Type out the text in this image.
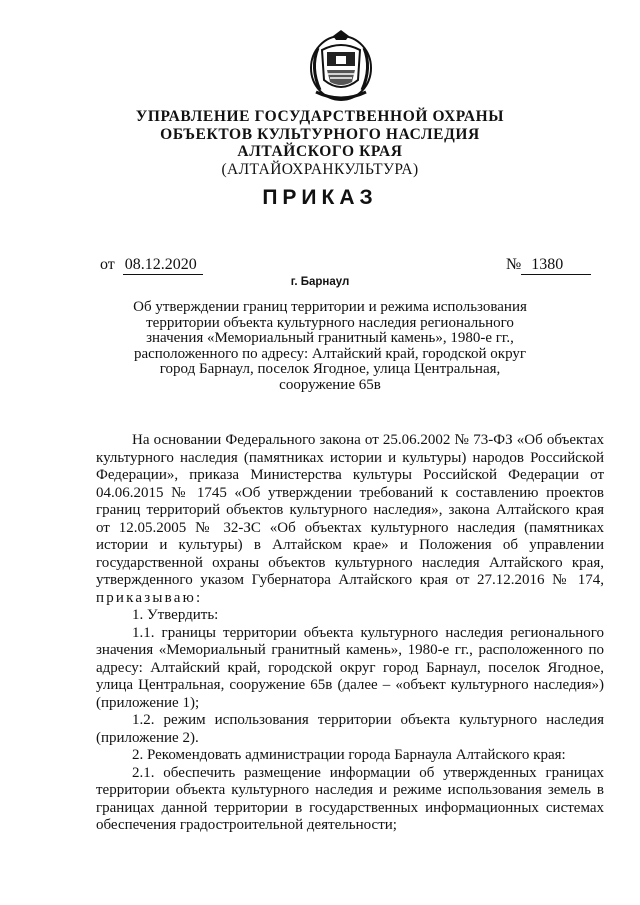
УПРАВЛЕНИЕ ГОСУДАРСТВЕННОЙ ОХРАНЫ
ОБЪЕКТОВ КУЛЬТУРНОГО НАСЛЕДИЯ
АЛТАЙСКОГО КРАЯ
(АЛТАЙОХРАНКУЛЬТУРА)
ПРИКАЗ
от 08.12.2020	№ 1380
г. Барнаул
Об утверждении границ территории и режима использования территории объекта культурного наследия регионального значения «Мемориальный гранитный камень», 1980-е гг., расположенного по адресу: Алтайский край, городской округ город Барнаул, поселок Ягодное, улица Центральная, сооружение 65в

На основании Федерального закона от 25.06.2002 № 73-ФЗ «Об объектах культурного наследия (памятниках истории и культуры) народов Российской Федерации», приказа Министерства культуры Российской Федерации от 04.06.2015 № 1745 «Об утверждении требований к составлению проектов границ территорий объектов культурного наследия», закона Алтайского края от 12.05.2005 № 32-ЗС «Об объектах культурного наследия (памятниках истории и культуры) в Алтайском крае» и Положения об управлении государственной охраны объектов культурного наследия Алтайского края, утвержденного указом Губернатора Алтайского края от 27.12.2016 № 174, приказываю:

1. Утвердить:

1.1. границы территории объекта культурного наследия регионального значения «Мемориальный гранитный камень», 1980-е гг., расположенного по адресу: Алтайский край, городской округ город Барнаул, поселок Ягодное, улица Центральная, сооружение 65в (далее – «объект культурного наследия») (приложение 1);

1.2. режим использования территории объекта культурного наследия (приложение 2).

2. Рекомендовать администрации города Барнаула Алтайского края:

2.1. обеспечить размещение информации об утвержденных границах территории объекта культурного наследия и режиме использования земель в границах данной территории в государственных информационных системах обеспечения градостроительной деятельности;
